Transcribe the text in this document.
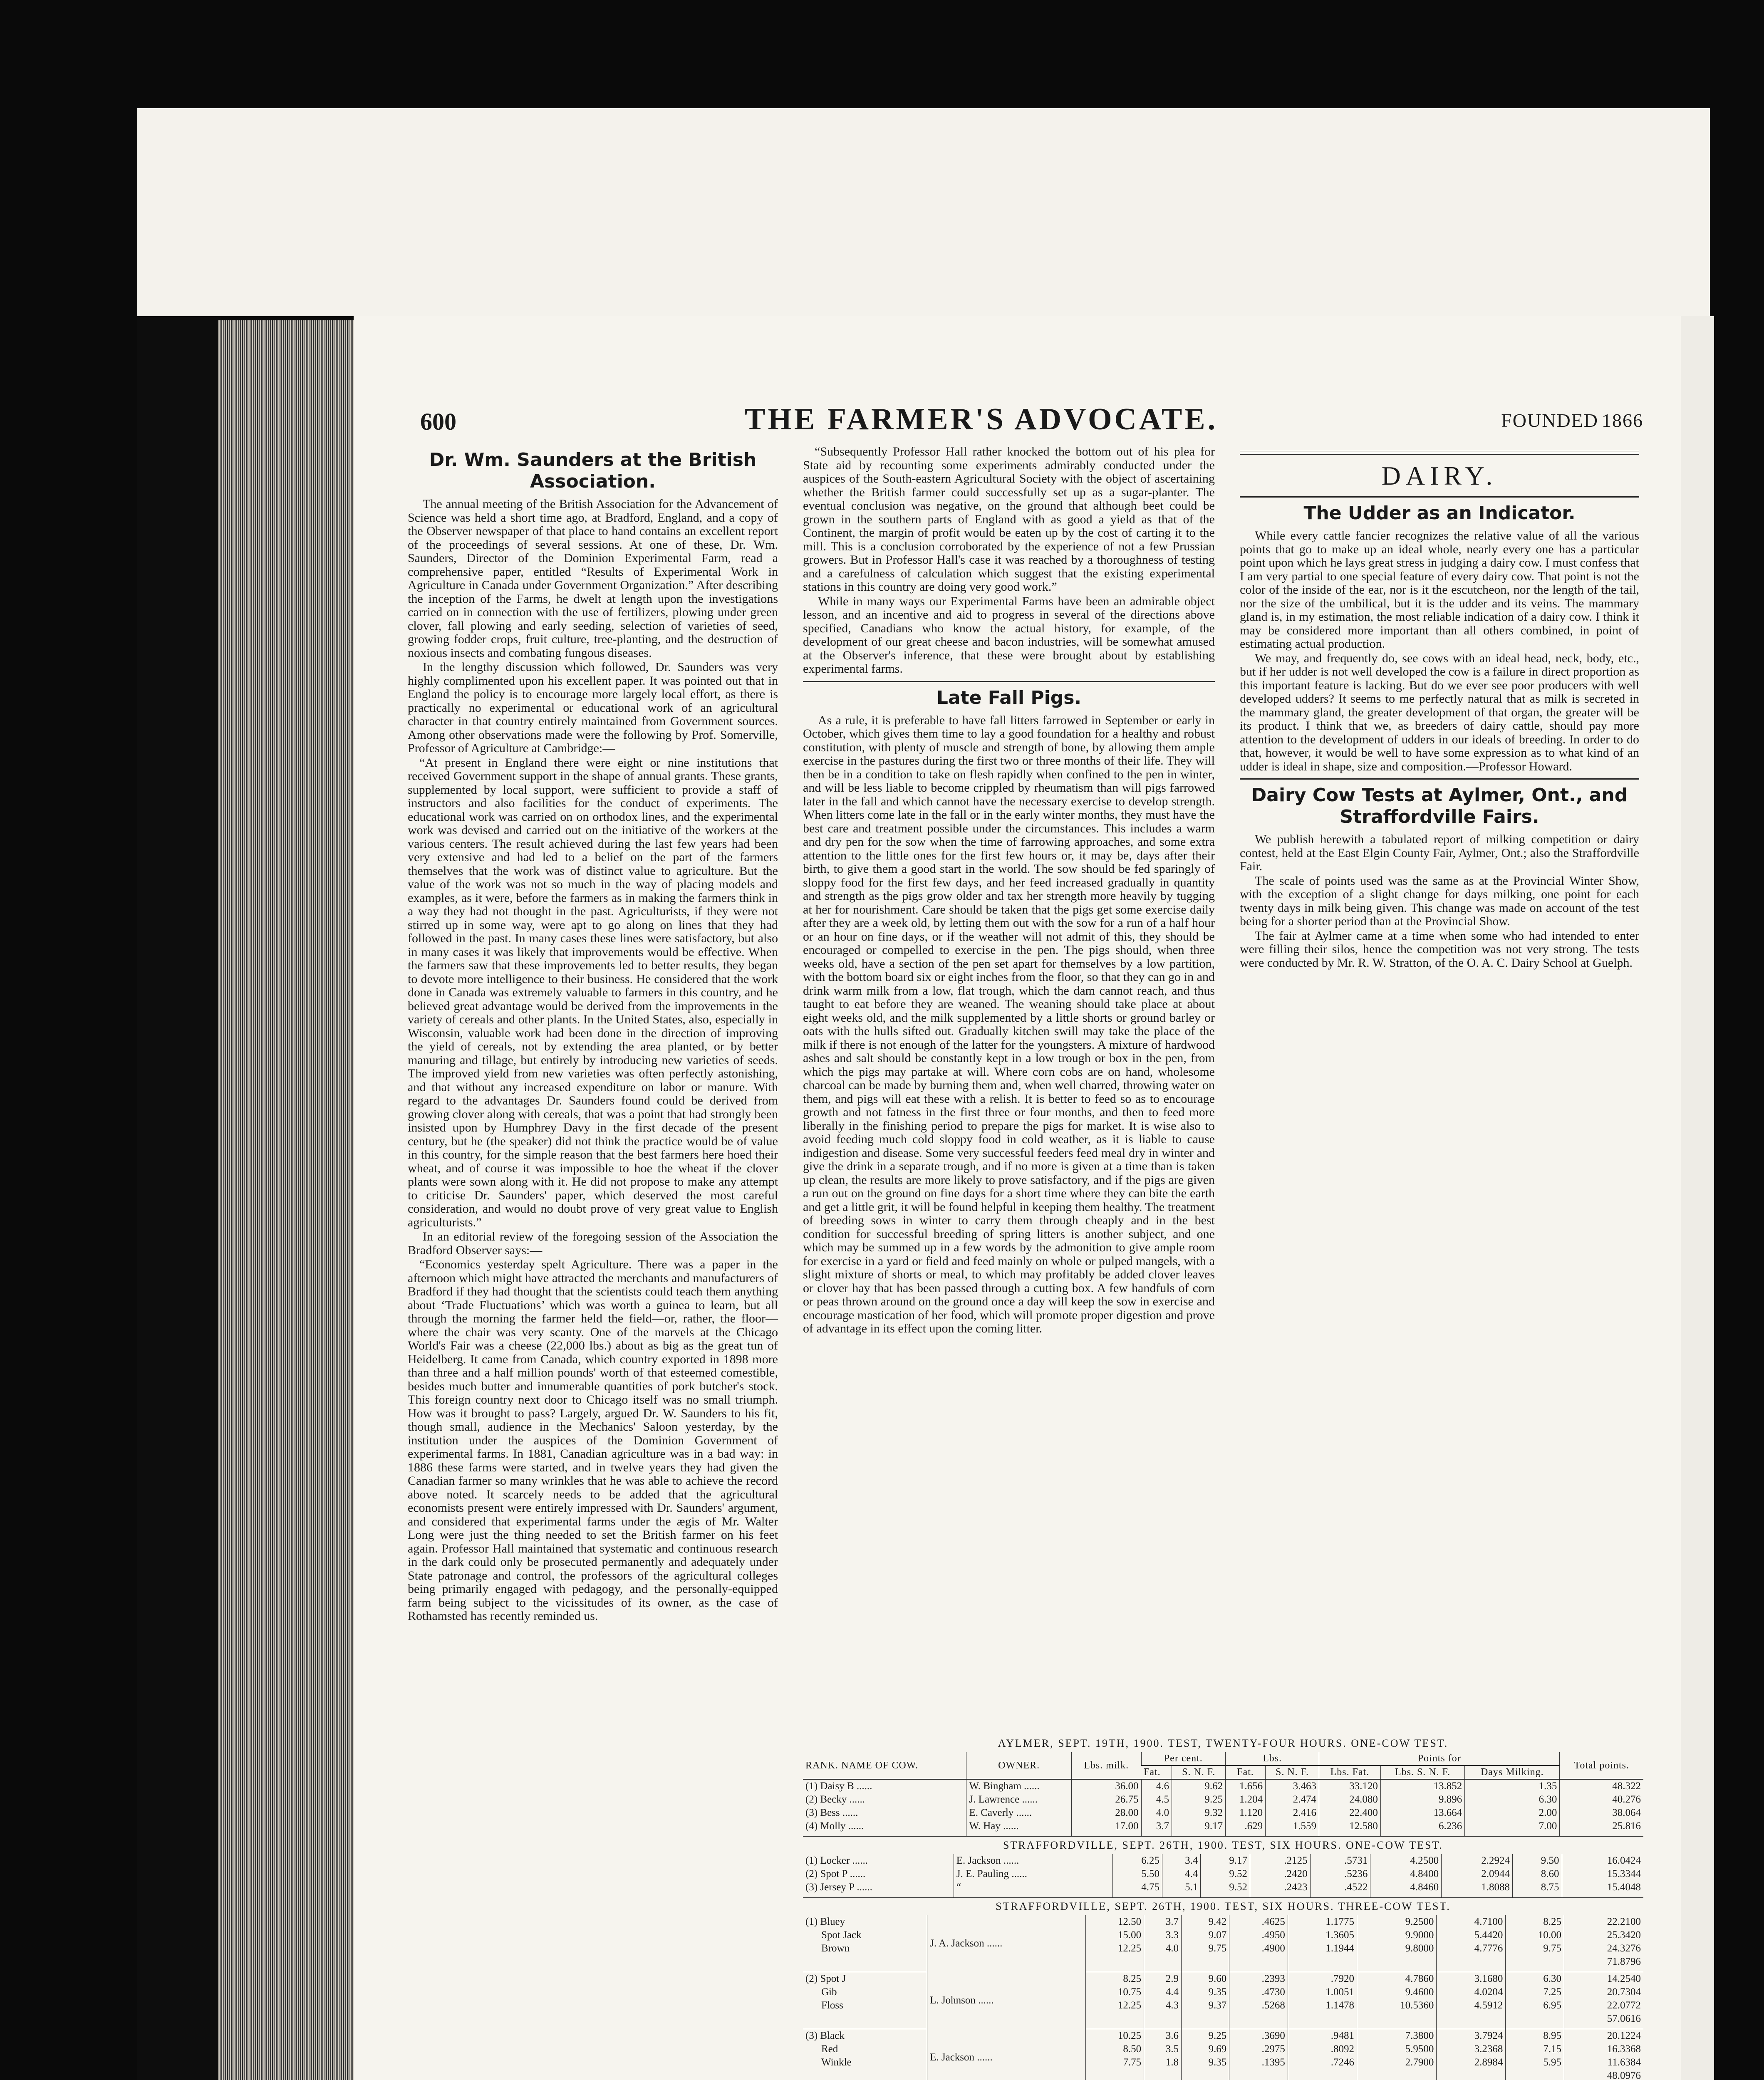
600	THE FARMER'S ADVOCATE.	FOUNDED 1866
Dr. Wm. Saunders at the British Association.

The annual meeting of the British Association for the Advancement of Science was held a short time ago, at Bradford, England, and a copy of the Observer newspaper of that place to hand contains an excellent report of the proceedings of several sessions. At one of these, Dr. Wm. Saunders, Director of the Dominion Experimental Farm, read a comprehensive paper, entitled “Results of Experimental Work in Agriculture in Canada under Government Organization.” After describing the inception of the Farms, he dwelt at length upon the investigations carried on in connection with the use of fertilizers, plowing under green clover, fall plowing and early seeding, selection of varieties of seed, growing fodder crops, fruit culture, tree-planting, and the destruction of noxious insects and combating fungous diseases.

In the lengthy discussion which followed, Dr. Saunders was very highly complimented upon his excellent paper. It was pointed out that in England the policy is to encourage more largely local effort, as there is practically no experimental or educational work of an agricultural character in that country entirely maintained from Government sources. Among other observations made were the following by Prof. Somerville, Professor of Agriculture at Cambridge:—

“At present in England there were eight or nine institutions that received Government support in the shape of annual grants. These grants, supplemented by local support, were sufficient to provide a staff of instructors and also facilities for the conduct of experiments. The educational work was carried on on orthodox lines, and the experimental work was devised and carried out on the initiative of the workers at the various centers. The result achieved during the last few years had been very extensive and had led to a belief on the part of the farmers themselves that the work was of distinct value to agriculture. But the value of the work was not so much in the way of placing models and examples, as it were, before the farmers as in making the farmers think in a way they had not thought in the past. Agriculturists, if they were not stirred up in some way, were apt to go along on lines that they had followed in the past. In many cases these lines were satisfactory, but also in many cases it was likely that improvements would be effective. When the farmers saw that these improvements led to better results, they began to devote more intelligence to their business. He considered that the work done in Canada was extremely valuable to farmers in this country, and he believed great advantage would be derived from the improvements in the variety of cereals and other plants. In the United States, also, especially in Wisconsin, valuable work had been done in the direction of improving the yield of cereals, not by extending the area planted, or by better manuring and tillage, but entirely by introducing new varieties of seeds. The improved yield from new varieties was often perfectly astonishing, and that without any increased expenditure on labor or manure. With regard to the advantages Dr. Saunders found could be derived from growing clover along with cereals, that was a point that had strongly been insisted upon by Humphrey Davy in the first decade of the present century, but he (the speaker) did not think the practice would be of value in this country, for the simple reason that the best farmers here hoed their wheat, and of course it was impossible to hoe the wheat if the clover plants were sown along with it. He did not propose to make any attempt to criticise Dr. Saunders' paper, which deserved the most careful consideration, and would no doubt prove of very great value to English agriculturists.”

In an editorial review of the foregoing session of the Association the Bradford Observer says:—

“Economics yesterday spelt Agriculture. There was a paper in the afternoon which might have attracted the merchants and manufacturers of Bradford if they had thought that the scientists could teach them anything about ‘Trade Fluctuations’ which was worth a guinea to learn, but all through the morning the farmer held the field—or, rather, the floor—where the chair was very scanty. One of the marvels at the Chicago World's Fair was a cheese (22,000 lbs.) about as big as the great tun of Heidelberg. It came from Canada, which country exported in 1898 more than three and a half million pounds' worth of that esteemed comestible, besides much butter and innumerable quantities of pork butcher's stock. This foreign country next door to Chicago itself was no small triumph. How was it brought to pass? Largely, argued Dr. W. Saunders to his fit, though small, audience in the Mechanics' Saloon yesterday, by the institution under the auspices of the Dominion Government of experimental farms. In 1881, Canadian agriculture was in a bad way: in 1886 these farms were started, and in twelve years they had given the Canadian farmer so many wrinkles that he was able to achieve the record above noted. It scarcely needs to be added that the agricultural economists present were entirely impressed with Dr. Saunders' argument, and considered that experimental farms under the ægis of Mr. Walter Long were just the thing needed to set the British farmer on his feet again. Professor Hall maintained that systematic and continuous research in the dark could only be prosecuted permanently and adequately under State patronage and control, the professors of the agricultural colleges being primarily engaged with pedagogy, and the personally-equipped farm being subject to the vicissitudes of its owner, as the case of Rothamsted has recently reminded us.

“Subsequently Professor Hall rather knocked the bottom out of his plea for State aid by recounting some experiments admirably conducted under the auspices of the South-eastern Agricultural Society with the object of ascertaining whether the British farmer could successfully set up as a sugar-planter. The eventual conclusion was negative, on the ground that although beet could be grown in the southern parts of England with as good a yield as that of the Continent, the margin of profit would be eaten up by the cost of carting it to the mill. This is a conclusion corroborated by the experience of not a few Prussian growers. But in Professor Hall's case it was reached by a thoroughness of testing and a carefulness of calculation which suggest that the existing experimental stations in this country are doing very good work.”

While in many ways our Experimental Farms have been an admirable object lesson, and an incentive and aid to progress in several of the directions above specified, Canadians who know the actual history, for example, of the development of our great cheese and bacon industries, will be somewhat amused at the Observer's inference, that these were brought about by establishing experimental farms.

Late Fall Pigs.

As a rule, it is preferable to have fall litters farrowed in September or early in October, which gives them time to lay a good foundation for a healthy and robust constitution, with plenty of muscle and strength of bone, by allowing them ample exercise in the pastures during the first two or three months of their life. They will then be in a condition to take on flesh rapidly when confined to the pen in winter, and will be less liable to become crippled by rheumatism than will pigs farrowed later in the fall and which cannot have the necessary exercise to develop strength. When litters come late in the fall or in the early winter months, they must have the best care and treatment possible under the circumstances. This includes a warm and dry pen for the sow when the time of farrowing approaches, and some extra attention to the little ones for the first few hours or, it may be, days after their birth, to give them a good start in the world. The sow should be fed sparingly of sloppy food for the first few days, and her feed increased gradually in quantity and strength as the pigs grow older and tax her strength more heavily by tugging at her for nourishment. Care should be taken that the pigs get some exercise daily after they are a week old, by letting them out with the sow for a run of a half hour or an hour on fine days, or if the weather will not admit of this, they should be encouraged or compelled to exercise in the pen. The pigs should, when three weeks old, have a section of the pen set apart for themselves by a low partition, with the bottom board six or eight inches from the floor, so that they can go in and drink warm milk from a low, flat trough, which the dam cannot reach, and thus taught to eat before they are weaned. The weaning should take place at about eight weeks old, and the milk supplemented by a little shorts or ground barley or oats with the hulls sifted out. Gradually kitchen swill may take the place of the milk if there is not enough of the latter for the youngsters. A mixture of hardwood ashes and salt should be constantly kept in a low trough or box in the pen, from which the pigs may partake at will. Where corn cobs are on hand, wholesome charcoal can be made by burning them and, when well charred, throwing water on them, and pigs will eat these with a relish. It is better to feed so as to encourage growth and not fatness in the first three or four months, and then to feed more liberally in the finishing period to prepare the pigs for market. It is wise also to avoid feeding much cold sloppy food in cold weather, as it is liable to cause indigestion and disease. Some very successful feeders feed meal dry in winter and give the drink in a separate trough, and if no more is given at a time than is taken up clean, the results are more likely to prove satisfactory, and if the pigs are given a run out on the ground on fine days for a short time where they can bite the earth and get a little grit, it will be found helpful in keeping them healthy. The treatment of breeding sows in winter to carry them through cheaply and in the best condition for successful breeding of spring litters is another subject, and one which may be summed up in a few words by the admonition to give ample room for exercise in a yard or field and feed mainly on whole or pulped mangels, with a slight mixture of shorts or meal, to which may profitably be added clover leaves or clover hay that has been passed through a cutting box. A few handfuls of corn or peas thrown around on the ground once a day will keep the sow in exercise and encourage mastication of her food, which will promote proper digestion and prove of advantage in its effect upon the coming litter.

DAIRY.
The Udder as an Indicator.

While every cattle fancier recognizes the relative value of all the various points that go to make up an ideal whole, nearly every one has a particular point upon which he lays great stress in judging a dairy cow. I must confess that I am very partial to one special feature of every dairy cow. That point is not the color of the inside of the ear, nor is it the escutcheon, nor the length of the tail, nor the size of the umbilical, but it is the udder and its veins. The mammary gland is, in my estimation, the most reliable indication of a dairy cow. I think it may be considered more important than all others combined, in point of estimating actual production.

We may, and frequently do, see cows with an ideal head, neck, body, etc., but if her udder is not well developed the cow is a failure in direct proportion as this important feature is lacking. But do we ever see poor producers with well developed udders? It seems to me perfectly natural that as milk is secreted in the mammary gland, the greater development of that organ, the greater will be its product. I think that we, as breeders of dairy cattle, should pay more attention to the development of udders in our ideals of breeding. In order to do that, however, it would be well to have some expression as to what kind of an udder is ideal in shape, size and composition.—Professor Howard.

Dairy Cow Tests at Aylmer, Ont., and Straffordville Fairs.

We publish herewith a tabulated report of milking competition or dairy contest, held at the East Elgin County Fair, Aylmer, Ont.; also the Straffordville Fair.

The scale of points used was the same as at the Provincial Winter Show, with the exception of a slight change for days milking, one point for each twenty days in milk being given. This change was made on account of the test being for a shorter period than at the Provincial Show.

The fair at Aylmer came at a time when some who had intended to enter were filling their silos, hence the competition was not very strong. The tests were conducted by Mr. R. W. Stratton, of the O. A. C. Dairy School at Guelph.

AYLMER, SEPT. 19TH, 1900. TEST, TWENTY-FOUR HOURS. ONE-COW TEST.
RANK. NAME OF COW.	OWNER.	Lbs. milk.	Per cent.		Lbs.		Points for			Total points.
			Fat.	S. N. F.	Fat.	S. N. F.	Lbs. Fat.	Lbs. S. N. F.	Days Milking.	
(1) Daisy B ......	W. Bingham ......	36.00	4.6	9.62	1.656	3.463	33.120	13.852	1.35	48.322
(2) Becky ......	J. Lawrence ......	26.75	4.5	9.25	1.204	2.474	24.080	9.896	6.30	40.276
(3) Bess ......	E. Caverly ......	28.00	4.0	9.32	1.120	2.416	22.400	13.664	2.00	38.064
(4) Molly ......	W. Hay ......	17.00	3.7	9.17	.629	1.559	12.580	6.236	7.00	25.816
STRAFFORDVILLE, SEPT. 26TH, 1900. TEST, SIX HOURS. ONE-COW TEST.
(1) Locker ......	E. Jackson ......	6.25	3.4	9.17	.2125	.5731	4.2500	2.2924	9.50	16.0424
(2) Spot P ......	J. E. Pauling ......	5.50	4.4	9.52	.2420	.5236	4.8400	2.0944	8.60	15.3344
(3) Jersey P ......	“	4.75	5.1	9.52	.2423	.4522	4.8460	1.8088	8.75	15.4048
STRAFFORDVILLE, SEPT. 26TH, 1900. TEST, SIX HOURS. THREE-COW TEST.
(1) Bluey	J. A. Jackson ......	12.50	3.7	9.42	.4625	1.1775	9.2500	4.7100	8.25	22.2100
Spot Jack		15.00	3.3	9.07	.4950	1.3605	9.9000	5.4420	10.00	25.3420
Brown		12.25	4.0	9.75	.4900	1.1944	9.8000	4.7776	9.75	24.3276
										71.8796
(2) Spot J	L. Johnson ......	8.25	2.9	9.60	.2393	.7920	4.7860	3.1680	6.30	14.2540
Gib		10.75	4.4	9.35	.4730	1.0051	9.4600	4.0204	7.25	20.7304
Floss		12.25	4.3	9.37	.5268	1.1478	10.5360	4.5912	6.95	22.0772
										57.0616
(3) Black	E. Jackson ......	10.25	3.6	9.25	.3690	.9481	7.3800	3.7924	8.95	20.1224
Red		8.50	3.5	9.69	.2975	.8092	5.9500	3.2368	7.15	16.3368
Winkle		7.75	1.8	9.35	.1395	.7246	2.7900	2.8984	5.95	11.6384
										48.0976
